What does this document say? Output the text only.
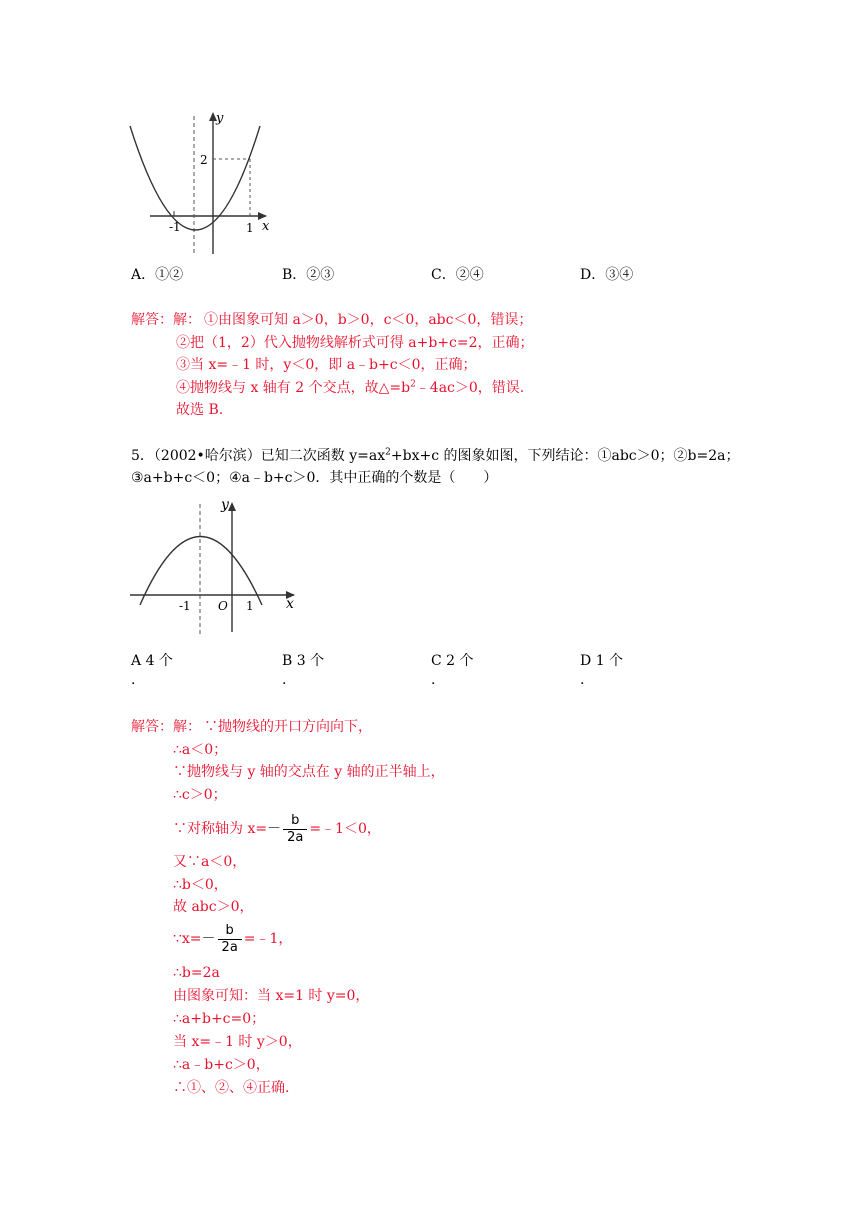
y
x
2
-1	1
A．①②	B．②③	C．②④	D．③④
解答：解： ①由图象可知 a＞0，b＞0，c＜0，abc＜0，错误；
②把（1，2）代入抛物线解析式可得 a+b+c=2，正确；
③当 x=﹣1 时，y＜0，即 a﹣b+c＜0，正确；
④抛物线与 x 轴有 2 个交点，故$\triangle=b^2﹣4ac>0$，错误.
故选 B.
5．（2002•哈尔滨）已知二次函数 $y=ax^2+bx+c$ 的图象如图，下列结论：①abc＞0；②b=2a；
③a+b+c＜0；④a﹣b+c＞0．其中正确的个数是（　　）
y
x
-1 O 1
A 4 个
.
B 3 个
.
C 2 个
.
D 1 个
.
解答：解： ∵抛物线的开口方向向下，
∴a＜0；
∵抛物线与 y 轴的交点在 y 轴的正半轴上，
∴c＞0；
∵对称轴为 $x=- \frac{b}{2a}$ =﹣1＜0，
又∵a＜0，
∴b＜0，
故 abc＞0，
∵x=－ $\frac{b}{2a}$ =﹣1，
∴b=2a
由图象可知：当 x=1 时 y=0，
∴a+b+c=0；
当 x=﹣1 时 y＞0，
∴a﹣b+c＞0，
∴①、②、④正确.
